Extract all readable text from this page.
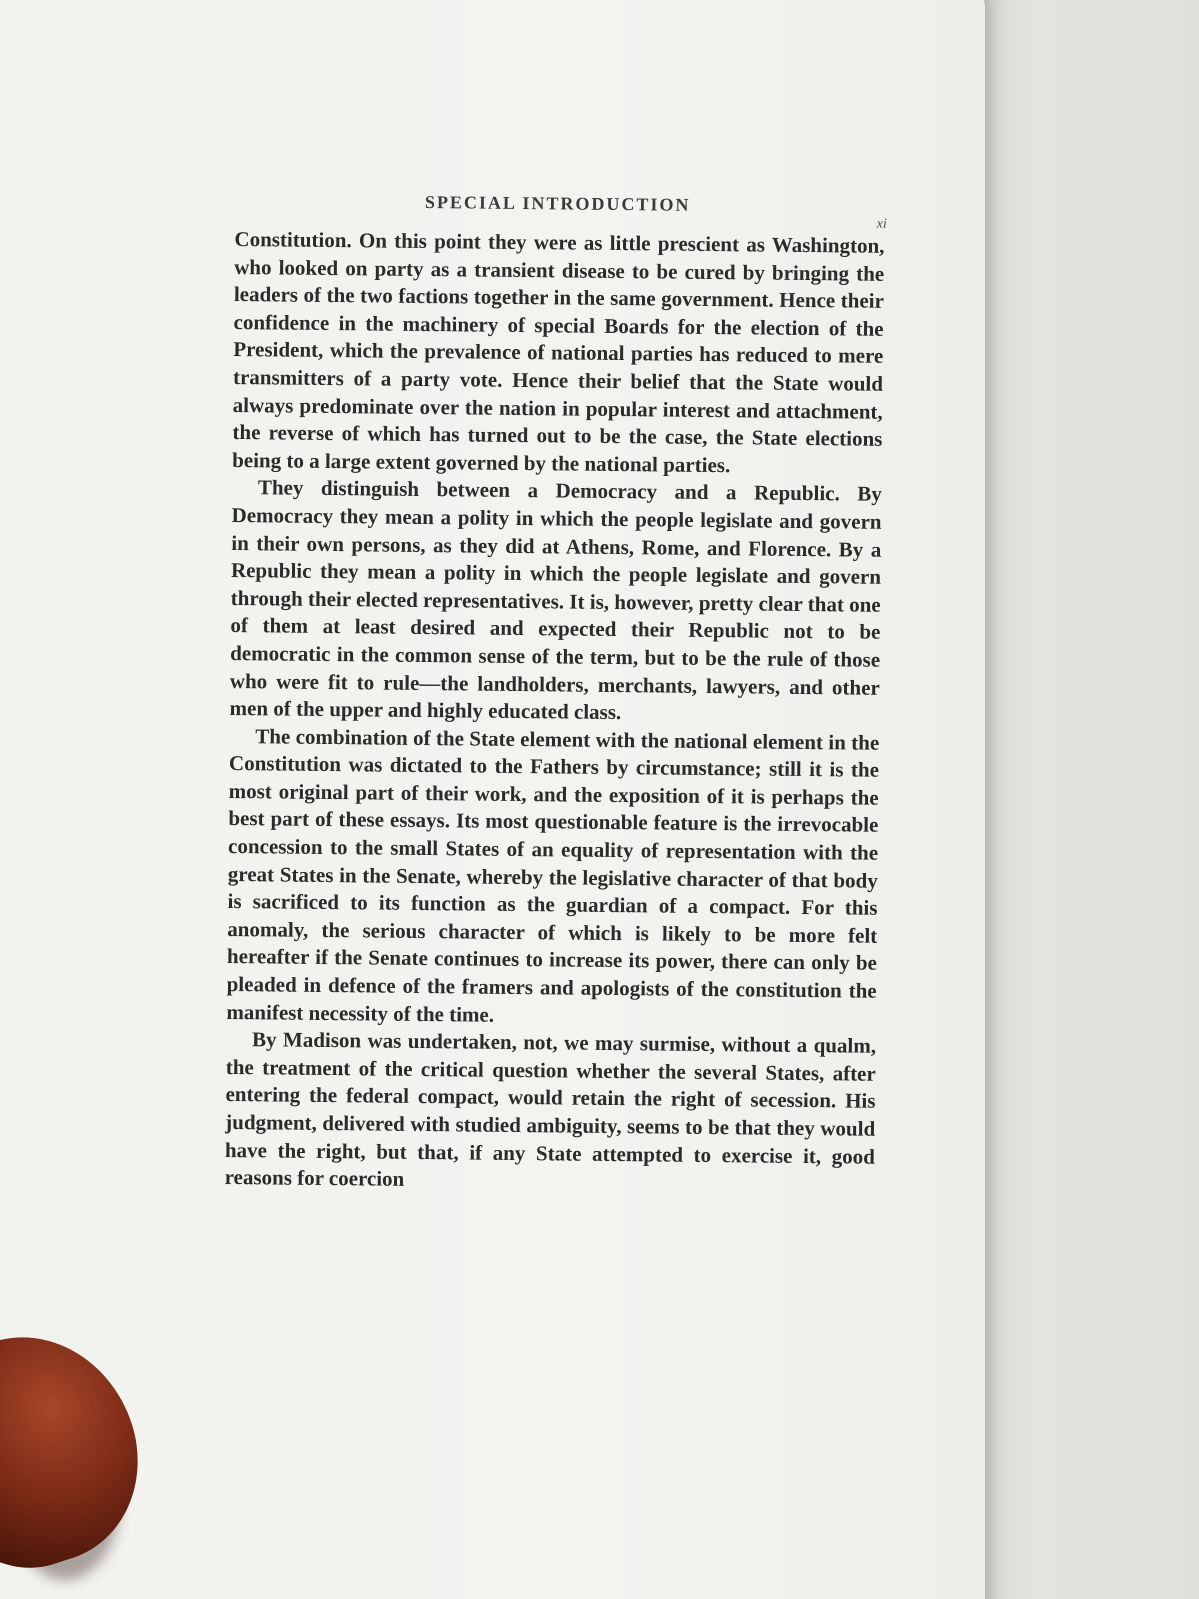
SPECIAL INTRODUCTION
xi

Constitution. On this point they were as little prescient as Washington, who looked on party as a transient disease to be cured by bringing the leaders of the two factions together in the same government. Hence their confidence in the machinery of special Boards for the election of the President, which the prevalence of national parties has reduced to mere transmitters of a party vote. Hence their belief that the State would always predominate over the nation in popular interest and attachment, the reverse of which has turned out to be the case, the State elections being to a large extent governed by the national parties.

They distinguish between a Democracy and a Republic. By Democracy they mean a polity in which the people legislate and govern in their own persons, as they did at Athens, Rome, and Florence. By a Republic they mean a polity in which the people legislate and govern through their elected representatives. It is, however, pretty clear that one of them at least desired and expected their Republic not to be democratic in the common sense of the term, but to be the rule of those who were fit to rule—the landholders, merchants, lawyers, and other men of the upper and highly educated class.

The combination of the State element with the national element in the Constitution was dictated to the Fathers by circumstance; still it is the most original part of their work, and the exposition of it is perhaps the best part of these essays. Its most questionable feature is the irrevocable concession to the small States of an equality of representation with the great States in the Senate, whereby the legislative character of that body is sacrificed to its function as the guardian of a compact. For this anomaly, the serious character of which is likely to be more felt hereafter if the Senate continues to increase its power, there can only be pleaded in defence of the framers and apologists of the constitution the manifest necessity of the time.

By Madison was undertaken, not, we may surmise, without a qualm, the treatment of the critical question whether the several States, after entering the federal compact, would retain the right of secession. His judgment, delivered with studied ambiguity, seems to be that they would have the right, but that, if any State attempted to exercise it, good reasons for coercion
